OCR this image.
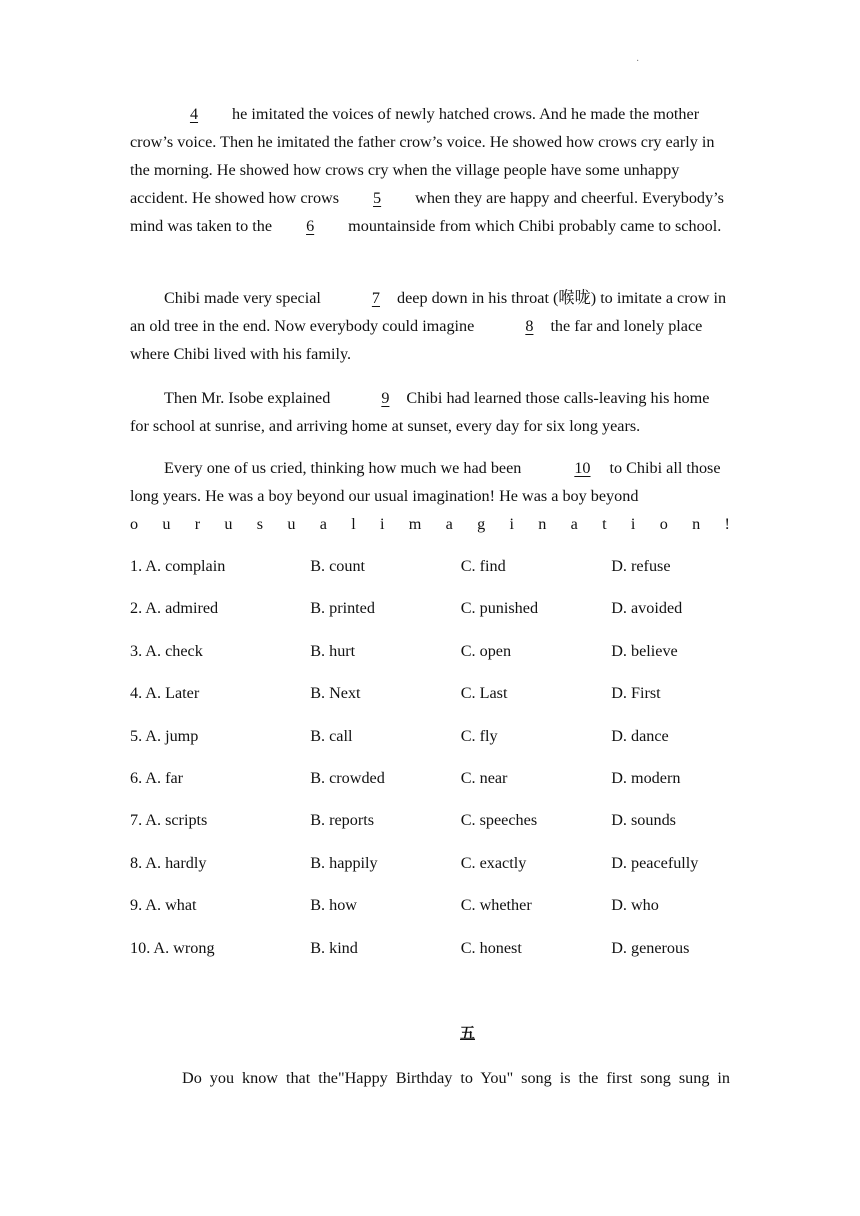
·

4 he imitated the voices of newly hatched crows. And he made the mother crow’s voice. Then he imitated the father crow’s voice. He showed how crows cry early in the morning. He showed how crows cry when the village people have some unhappy accident. He showed how crows 5 when they are happy and cheerful. Everybody’s mind was taken to the 6 mountainside from which Chibi probably came to school.

Chibi made very special	7 deep down in his throat (喉咙) to imitate a crow in an old tree in the end. Now everybody could imagine	8 the far and lonely place where Chibi lived with his family.

Then Mr. Isobe explained	9 Chibi had learned those calls-leaving his home for school at sunrise, and arriving home at sunset, every day for six long years.

Every one of us cried, thinking how much we had been	10 to Chibi all those long years. He was a boy beyond our usual imagination! He was a boy beyond

o u r u s u a l i m a g i n a t i o n !
1. A. complain	B. count	C. find	D. refuse
2. A. admired	B. printed	C. punished	D. avoided
3. A. check	B. hurt	C. open	D. believe
4. A. Later	B. Next	C. Last	D. First
5. A. jump	B. call	C. fly	D. dance
6. A. far	B. crowded	C. near	D. modern
7. A. scripts	B. reports	C. speeches	D. sounds
8. A. hardly	B. happily	C. exactly	D. peacefully
9. A. what	B. how	C. whether	D. who
10. A. wrong	B. kind	C. honest	D. generous
五

Do you know that the"Happy Birthday to You" song is the first song sung in
